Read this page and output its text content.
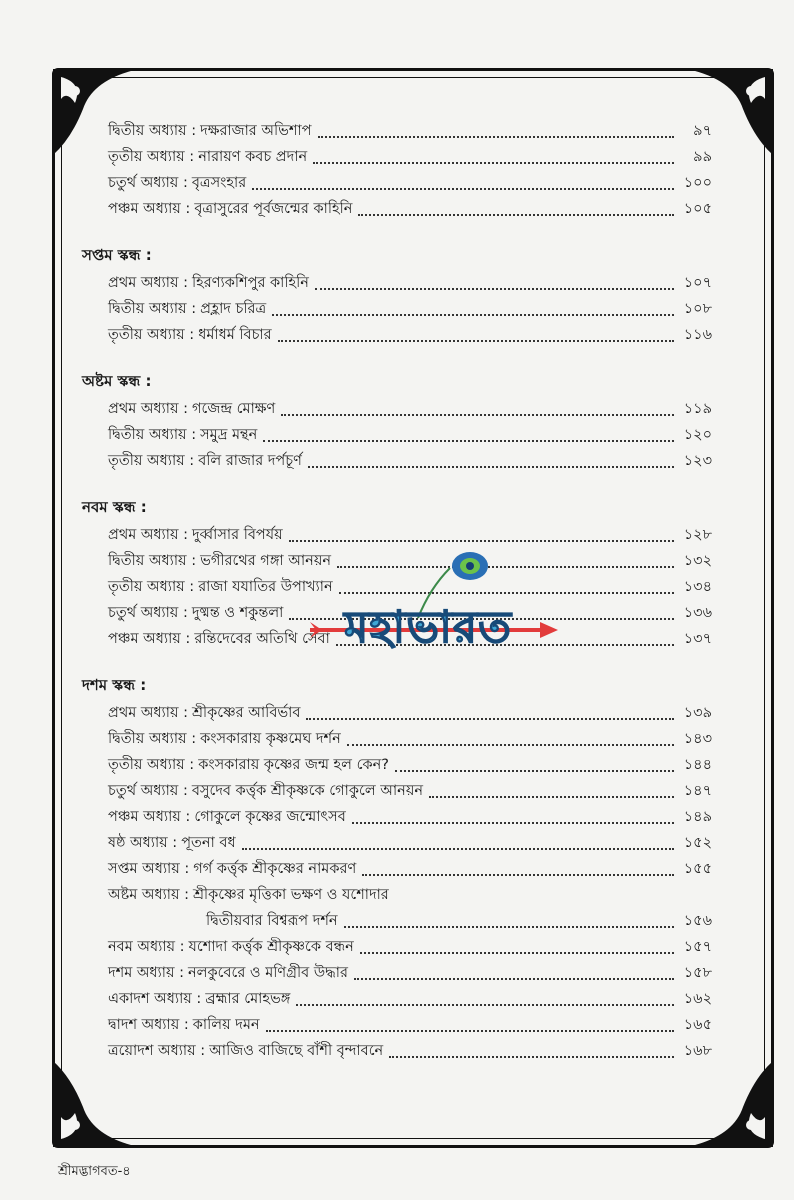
দ্বিতীয় অধ্যায় : দক্ষরাজার অভিশাপ	৯৭
তৃতীয় অধ্যায় : নারায়ণ কবচ প্রদান	৯৯
চতুর্থ অধ্যায় : বৃত্রসংহার	১০০
পঞ্চম অধ্যায় : বৃত্রাসুরের পূর্বজন্মের কাহিনি	১০৫
সপ্তম স্কন্ধ :
প্রথম অধ্যায় : হিরণ্যকশিপুর কাহিনি	১০৭
দ্বিতীয় অধ্যায় : প্রহ্লাদ চরিত্র	১০৮
তৃতীয় অধ্যায় : ধর্মাধর্ম বিচার	১১৬
অষ্টম স্কন্ধ :
প্রথম অধ্যায় : গজেন্দ্র মোক্ষণ	১১৯
দ্বিতীয় অধ্যায় : সমুদ্র মন্থন	১২০
তৃতীয় অধ্যায় : বলি রাজার দর্পচূর্ণ	১২৩
নবম স্কন্ধ :
প্রথম অধ্যায় : দুর্ব্বাসার বিপর্যয়	১২৮
দ্বিতীয় অধ্যায় : ভগীরথের গঙ্গা আনয়ন	১৩২
তৃতীয় অধ্যায় : রাজা যযাতির উপাখ্যান	১৩৪
চতুর্থ অধ্যায় : দুষ্মন্ত ও শকুন্তলা	১৩৬
পঞ্চম অধ্যায় : রন্তিদেবের অতিথি সেবা	১৩৭
দশম স্কন্ধ :
প্রথম অধ্যায় : শ্রীকৃষ্ণের আবির্ভাব	১৩৯
দ্বিতীয় অধ্যায় : কংসকারায় কৃষ্ণমেঘ দর্শন	১৪৩
তৃতীয় অধ্যায় : কংসকারায় কৃষ্ণের জন্ম হল কেন?	১৪৪
চতুর্থ অধ্যায় : বসুদেব কর্ত্তৃক শ্রীকৃষ্ণকে গোকুলে আনয়ন	১৪৭
পঞ্চম অধ্যায় : গোকুলে কৃষ্ণের জন্মোৎসব	১৪৯
ষষ্ঠ অধ্যায় : পূতনা বধ	১৫২
সপ্তম অধ্যায় : গর্গ কর্ত্তৃক শ্রীকৃষ্ণের নামকরণ	১৫৫
অষ্টম অধ্যায় : শ্রীকৃষ্ণের মৃত্তিকা ভক্ষণ ও যশোদার
দ্বিতীয়বার বিশ্বরূপ দর্শন	১৫৬
নবম অধ্যায় : যশোদা কর্ত্তৃক শ্রীকৃষ্ণকে বন্ধন	১৫৭
দশম অধ্যায় : নলকুবেরে ও মণিগ্রীব উদ্ধার	১৫৮
একাদশ অধ্যায় : ব্রহ্মার মোহভঙ্গ	১৬২
দ্বাদশ অধ্যায় : কালিয় দমন	১৬৫
ত্রয়োদশ অধ্যায় : আজিও বাজিছে বাঁশী বৃন্দাবনে	১৬৮
মহাভারত
শ্রীমদ্ভাগবত-৪
